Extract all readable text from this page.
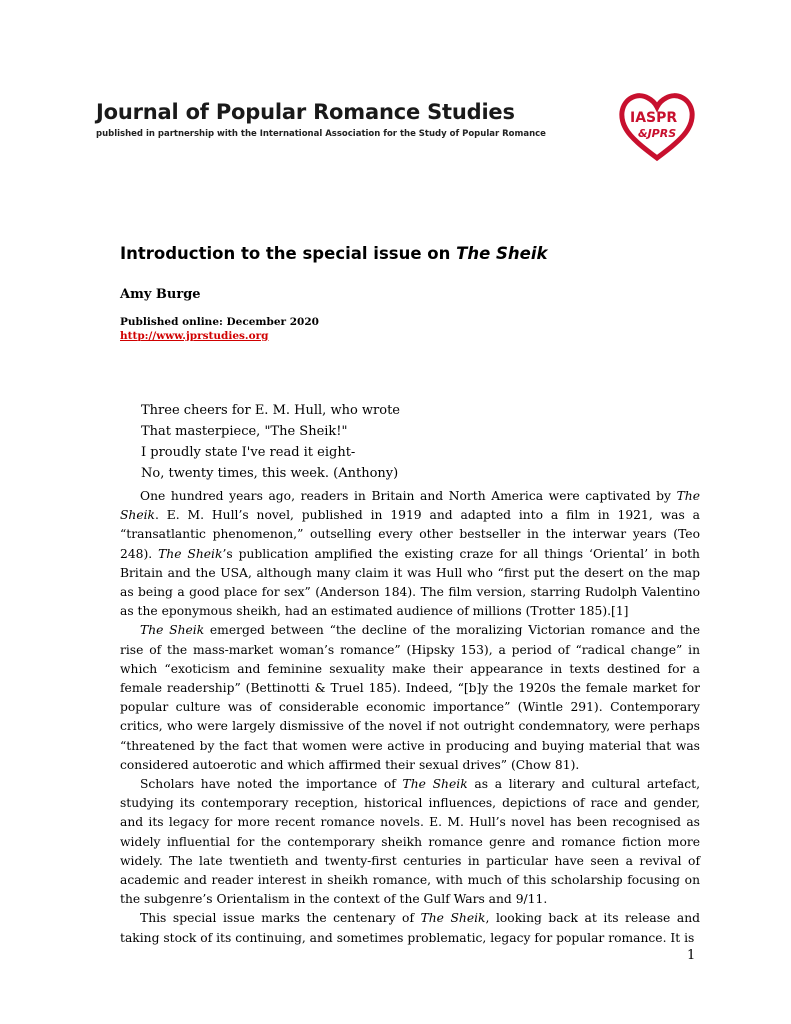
Journal of Popular Romance Studies
published in partnership with the International Association for the Study of Popular Romance
IASPR
&JPRS
Introduction to the special issue on The Sheik
Amy Burge
Published online: December 2020
http://www.jprstudies.org
Three cheers for E. M. Hull, who wrote
That masterpiece, "The Sheik!"
I proudly state I've read it eight-
No, twenty times, this week. (Anthony)

One hundred years ago, readers in Britain and North America were captivated by The Sheik. E. M. Hull’s novel, published in 1919 and adapted into a film in 1921, was a “transatlantic phenomenon,” outselling every other bestseller in the interwar years (Teo 248). The Sheik’s publication amplified the existing craze for all things ‘Oriental’ in both Britain and the USA, although many claim it was Hull who “first put the desert on the map as being a good place for sex” (Anderson 184). The film version, starring Rudolph Valentino as the eponymous sheikh, had an estimated audience of millions (Trotter 185).[1]

The Sheik emerged between “the decline of the moralizing Victorian romance and the rise of the mass-market woman’s romance” (Hipsky 153), a period of “radical change” in which “exoticism and feminine sexuality make their appearance in texts destined for a female readership” (Bettinotti & Truel 185). Indeed, “[b]y the 1920s the female market for popular culture was of considerable economic importance” (Wintle 291). Contemporary critics, who were largely dismissive of the novel if not outright condemnatory, were perhaps “threatened by the fact that women were active in producing and buying material that was considered autoerotic and which affirmed their sexual drives” (Chow 81).

Scholars have noted the importance of The Sheik as a literary and cultural artefact, studying its contemporary reception, historical influences, depictions of race and gender, and its legacy for more recent romance novels. E. M. Hull’s novel has been recognised as widely influential for the contemporary sheikh romance genre and romance fiction more widely. The late twentieth and twenty-first centuries in particular have seen a revival of academic and reader interest in sheikh romance, with much of this scholarship focusing on the subgenre’s Orientalism in the context of the Gulf Wars and 9/11.

This special issue marks the centenary of The Sheik, looking back at its release and taking stock of its continuing, and sometimes problematic, legacy for popular romance. It is

1
